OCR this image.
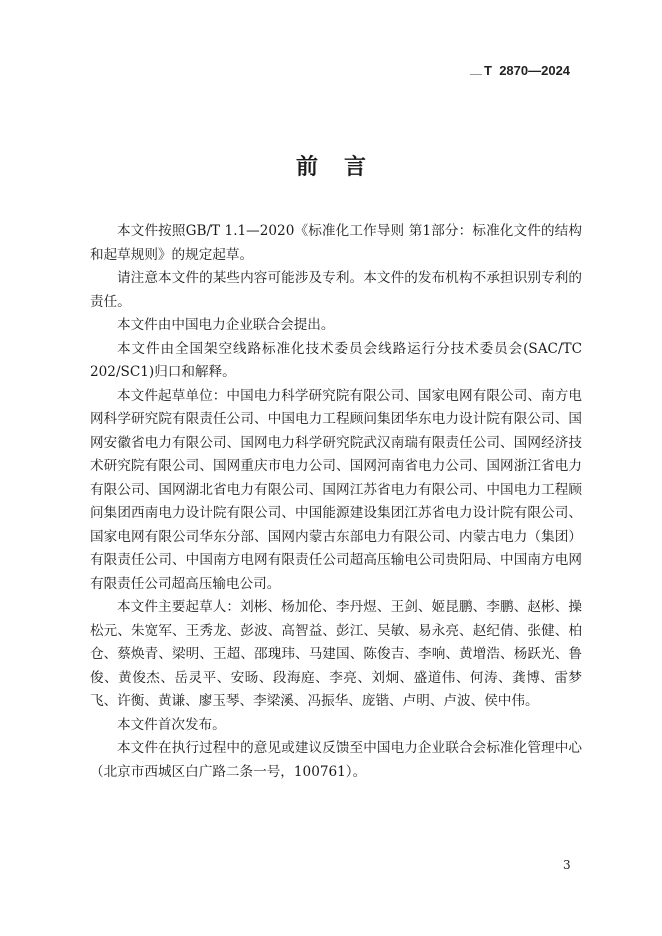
T 2870—2024
前言

本文件按照GB/T 1.1—2020《标准化工作导则 第1部分：标准化文件的结构和起草规则》的规定起草。

请注意本文件的某些内容可能涉及专利。本文件的发布机构不承担识别专利的责任。

本文件由中国电力企业联合会提出。

本文件由全国架空线路标准化技术委员会线路运行分技术委员会(SAC/TC 202/SC1)归口和解释。

本文件起草单位：中国电力科学研究院有限公司、国家电网有限公司、南方电网科学研究院有限责任公司、中国电力工程顾问集团华东电力设计院有限公司、国网安徽省电力有限公司、国网电力科学研究院武汉南瑞有限责任公司、国网经济技术研究院有限公司、国网重庆市电力公司、国网河南省电力公司、国网浙江省电力有限公司、国网湖北省电力有限公司、国网江苏省电力有限公司、中国电力工程顾问集团西南电力设计院有限公司、中国能源建设集团江苏省电力设计院有限公司、国家电网有限公司华东分部、国网内蒙古东部电力有限公司、内蒙古电力（集团）有限责任公司、中国南方电网有限责任公司超高压输电公司贵阳局、中国南方电网有限责任公司超高压输电公司。

本文件主要起草人：刘彬、杨加伦、李丹煜、王剑、姬昆鹏、李鹏、赵彬、操松元、朱宽军、王秀龙、彭波、高智益、彭江、吴敏、易永亮、赵纪倩、张健、柏仓、蔡焕青、梁明、王超、邵瑰玮、马建国、陈俊吉、李响、黄增浩、杨跃光、鲁俊、黄俊杰、岳灵平、安旸、段海庭、李亮、刘炯、盛道伟、何涛、龚博、雷梦飞、许衡、黄谦、廖玉琴、李梁溪、冯振华、庞锴、卢明、卢波、侯中伟。

本文件首次发布。

本文件在执行过程中的意见或建议反馈至中国电力企业联合会标准化管理中心（北京市西城区白广路二条一号，100761）。

3
